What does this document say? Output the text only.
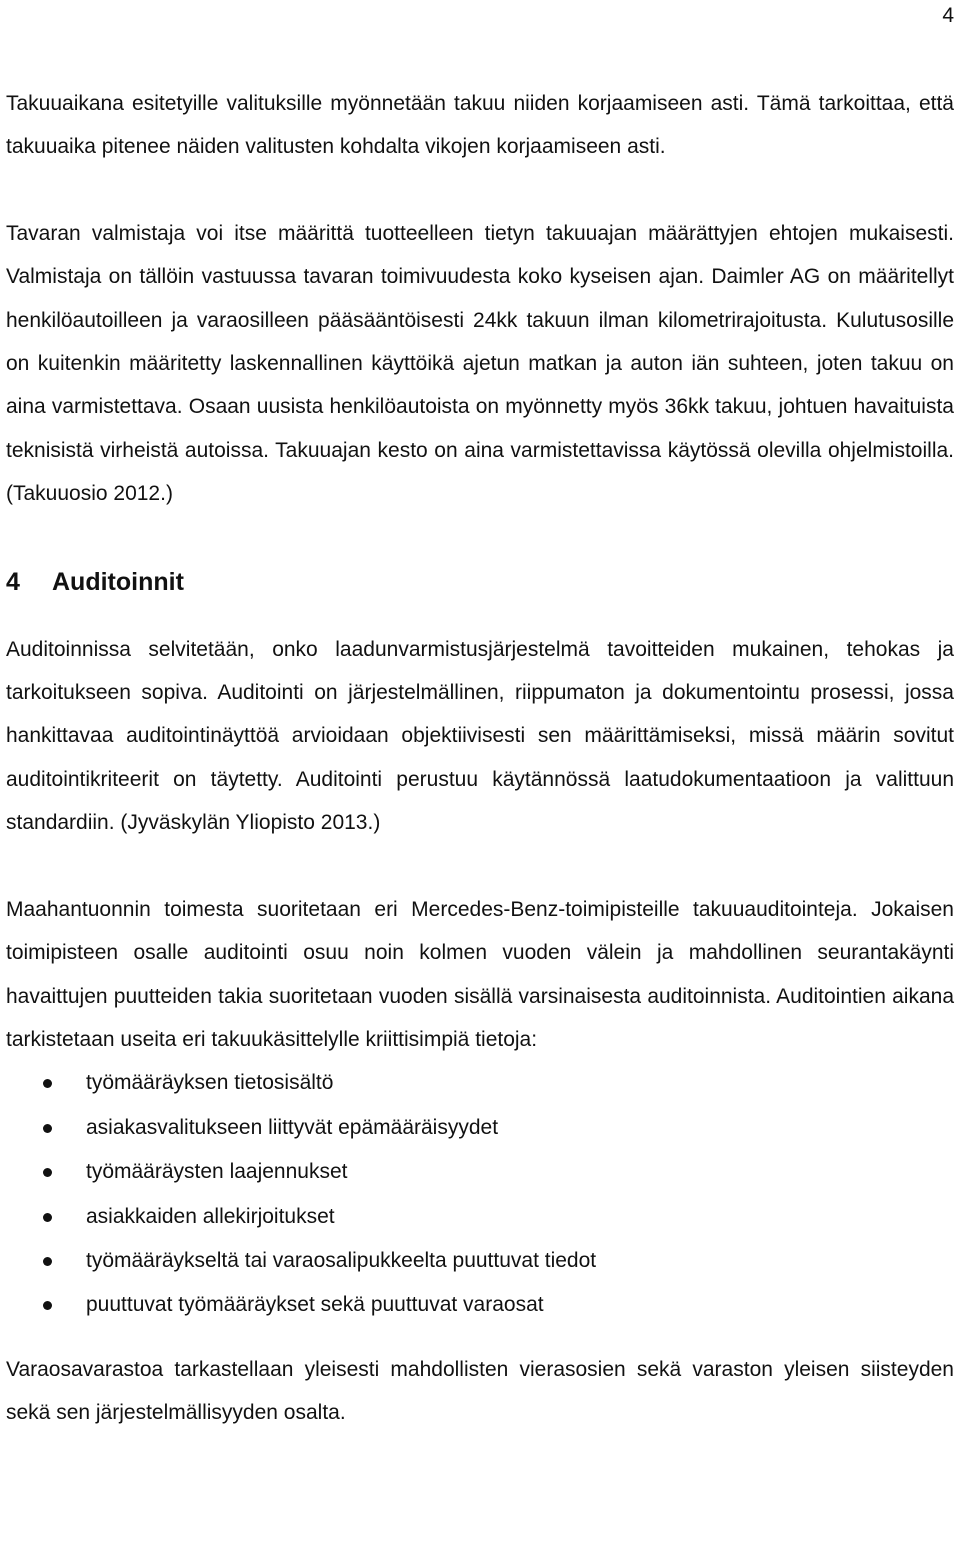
4

Takuuaikana esitetyille valituksille myönnetään takuu niiden korjaamiseen asti. Tämä tarkoittaa, että takuuaika pitenee näiden valitusten kohdalta vikojen korjaamiseen asti.

Tavaran valmistaja voi itse määrittä tuotteelleen tietyn takuuajan määrättyjen ehtojen mukaisesti. Valmistaja on tällöin vastuussa tavaran toimivuudesta koko kyseisen ajan. Daimler AG on määritellyt henkilöautoilleen ja varaosilleen pääsääntöisesti 24kk takuun ilman kilometrirajoitusta. Kulutusosille on kuitenkin määritetty laskennallinen käyttöikä ajetun matkan ja auton iän suhteen, joten takuu on aina varmistettava. Osaan uusista henkilöautoista on myönnetty myös 36kk takuu, johtuen havaituista teknisistä virheistä autoissa. Takuuajan kesto on aina varmistettavissa käytössä olevilla ohjelmistoilla. (Takuuosio 2012.)

4	Auditoinnit

Auditoinnissa selvitetään, onko laadunvarmistusjärjestelmä tavoitteiden mukainen, tehokas ja tarkoitukseen sopiva. Auditointi on järjestelmällinen, riippumaton ja dokumentointu prosessi, jossa hankittavaa auditointinäyttöä arvioidaan objektiivisesti sen määrittämiseksi, missä määrin sovitut auditointikriteerit on täytetty. Auditointi perustuu käytännössä laatudokumentaatioon ja valittuun standardiin. (Jyväskylän Yliopisto 2013.)

Maahantuonnin toimesta suoritetaan eri Mercedes-Benz-toimipisteille takuuauditointeja. Jokaisen toimipisteen osalle auditointi osuu noin kolmen vuoden välein ja mahdollinen seurantakäynti havaittujen puutteiden takia suoritetaan vuoden sisällä varsinaisesta auditoinnista. Auditointien aikana tarkistetaan useita eri takuukäsittelylle kriittisimpiä tietoja:

työmääräyksen tietosisältö
asiakasvalitukseen liittyvät epämääräisyydet
työmääräysten laajennukset
asiakkaiden allekirjoitukset
työmääräykseltä tai varaosalipukkeelta puuttuvat tiedot
puuttuvat työmääräykset sekä puuttuvat varaosat

Varaosavarastoa tarkastellaan yleisesti mahdollisten vierasosien sekä varaston yleisen siisteyden sekä sen järjestelmällisyyden osalta.
